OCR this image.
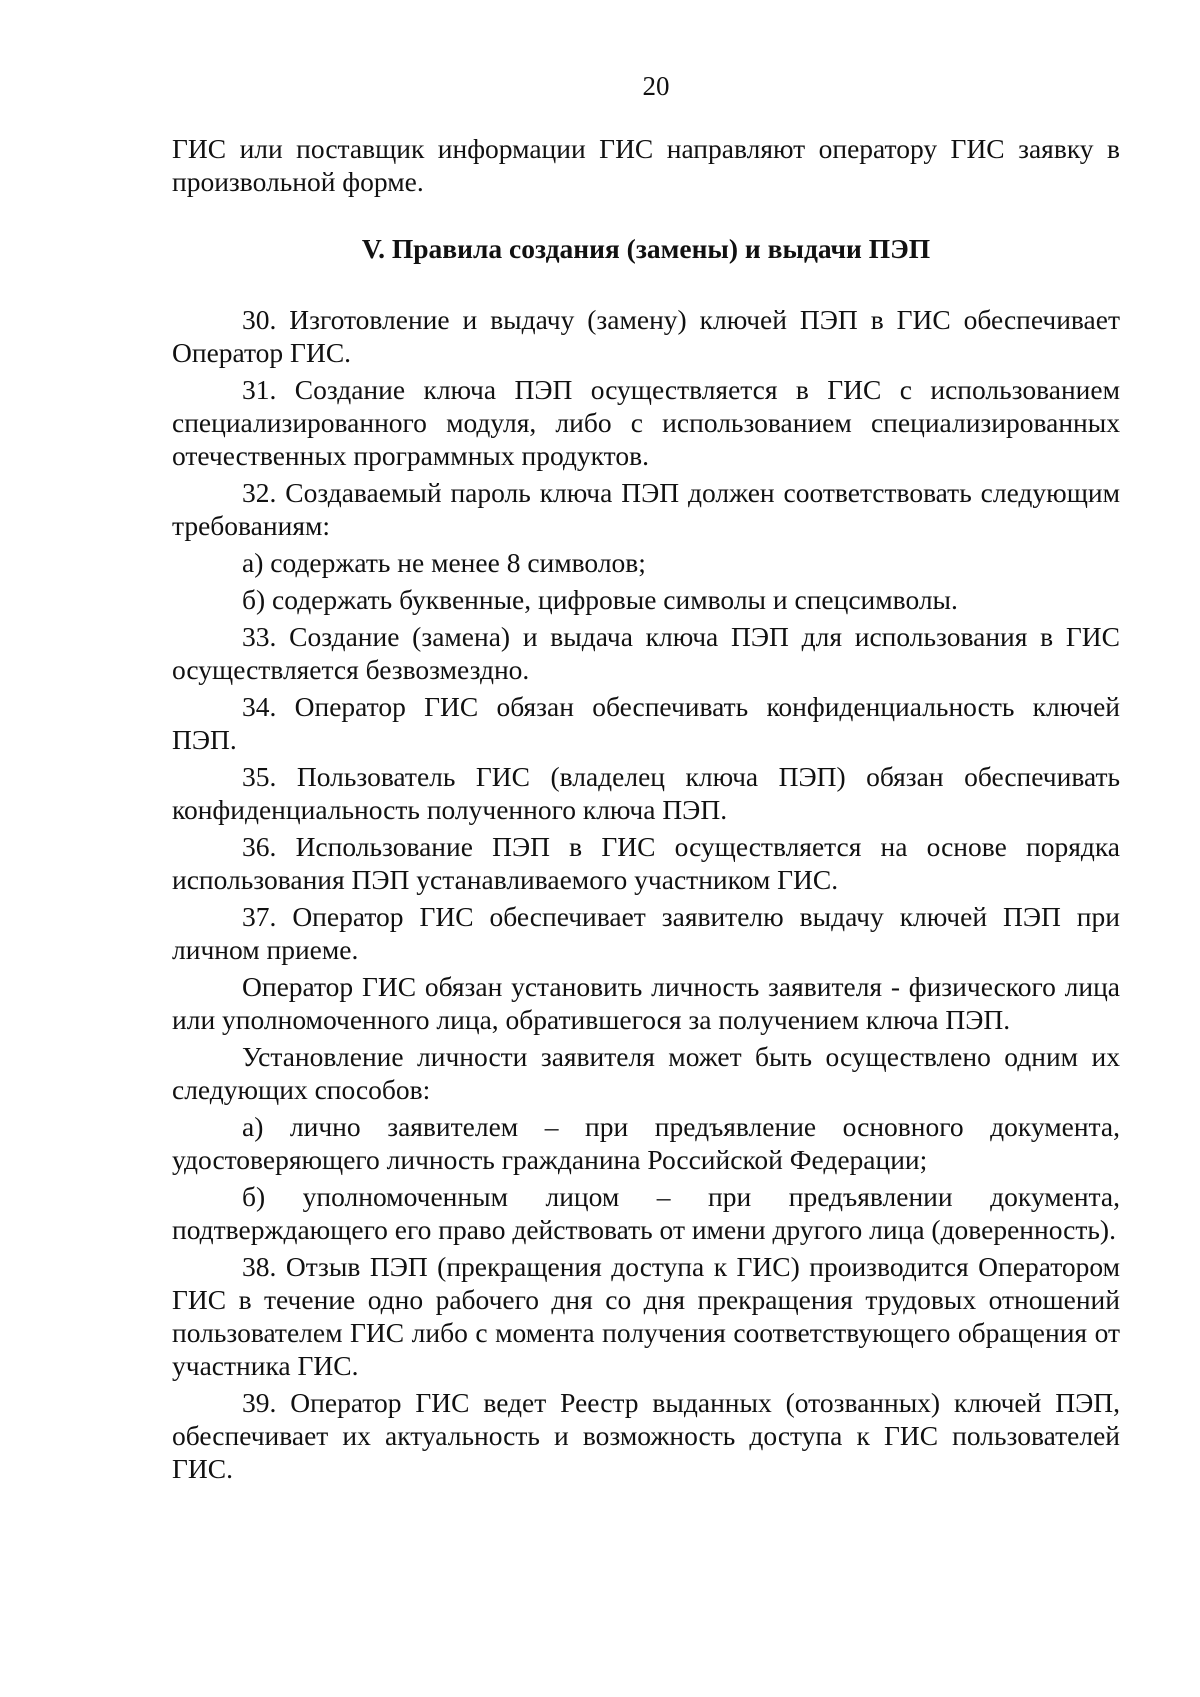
20

ГИС или поставщик информации ГИС направляют оператору ГИС заявку в произвольной форме.

V. Правила создания (замены) и выдачи ПЭП

30. Изготовление и выдачу (замену) ключей ПЭП в ГИС обеспечивает Оператор ГИС.

31. Создание ключа ПЭП осуществляется в ГИС с использованием специализированного модуля, либо с использованием специализированных отечественных программных продуктов.

32. Создаваемый пароль ключа ПЭП должен соответствовать следующим требованиям:

а) содержать не менее 8 символов;

б) содержать буквенные, цифровые символы и спецсимволы.

33. Создание (замена) и выдача ключа ПЭП для использования в ГИС осуществляется безвозмездно.

34. Оператор ГИС обязан обеспечивать конфиденциальность ключей ПЭП.

35. Пользователь ГИС (владелец ключа ПЭП) обязан обеспечивать конфиденциальность полученного ключа ПЭП.

36. Использование ПЭП в ГИС осуществляется на основе порядка использования ПЭП устанавливаемого участником ГИС.

37. Оператор ГИС обеспечивает заявителю выдачу ключей ПЭП при личном приеме.

Оператор ГИС обязан установить личность заявителя - физического лица или уполномоченного лица, обратившегося за получением ключа ПЭП.

Установление личности заявителя может быть осуществлено одним их следующих способов:

а) лично заявителем – при предъявление основного документа, удостоверяющего личность гражданина Российской Федерации;

б) уполномоченным лицом – при предъявлении документа, подтверждающего его право действовать от имени другого лица (доверенность).

38. Отзыв ПЭП (прекращения доступа к ГИС) производится Оператором ГИС в течение одно рабочего дня со дня прекращения трудовых отношений пользователем ГИС либо с момента получения соответствующего обращения от участника ГИС.

39. Оператор ГИС ведет Реестр выданных (отозванных) ключей ПЭП, обеспечивает их актуальность и возможность доступа к ГИС пользователей ГИС.
